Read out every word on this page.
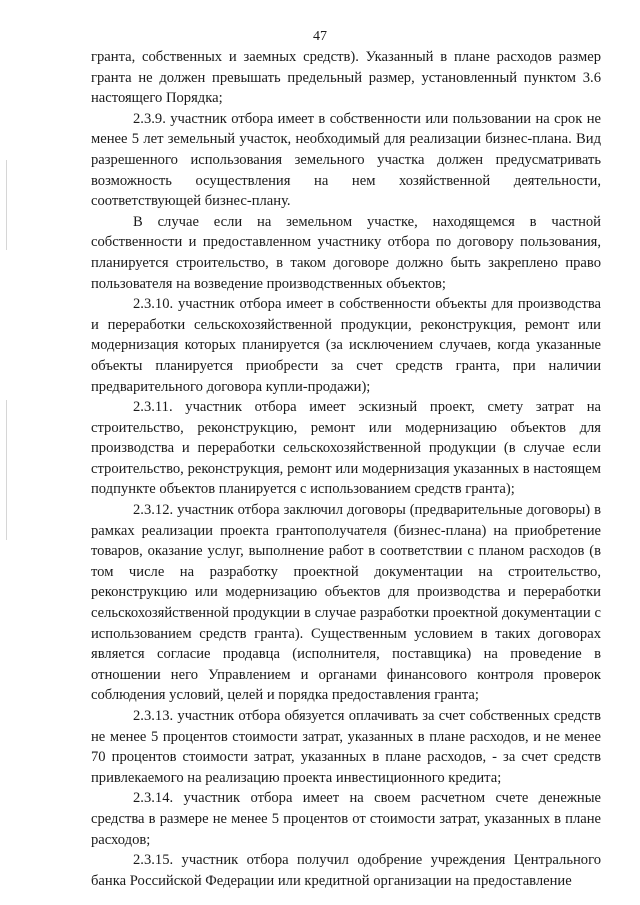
47

гранта, собственных и заемных средств). Указанный в плане расходов размер гранта не должен превышать предельный размер, установленный пунктом 3.6 настоящего Порядка;

2.3.9. участник отбора имеет в собственности или пользовании на срок не менее 5 лет земельный участок, необходимый для реализации бизнес-плана. Вид разрешенного использования земельного участка должен предусматривать возможность осуществления на нем хозяйственной деятельности, соответствующей бизнес-плану.

В случае если на земельном участке, находящемся в частной собственности и предоставленном участнику отбора по договору пользования, планируется строительство, в таком договоре должно быть закреплено право пользователя на возведение производственных объектов;

2.3.10. участник отбора имеет в собственности объекты для производства и переработки сельскохозяйственной продукции, реконструкция, ремонт или модернизация которых планируется (за исключением случаев, когда указанные объекты планируется приобрести за счет средств гранта, при наличии предварительного договора купли-продажи);

2.3.11. участник отбора имеет эскизный проект, смету затрат на строительство, реконструкцию, ремонт или модернизацию объектов для производства и переработки сельскохозяйственной продукции (в случае если строительство, реконструкция, ремонт или модернизация указанных в настоящем подпункте объектов планируется с использованием средств гранта);

2.3.12. участник отбора заключил договоры (предварительные договоры) в рамках реализации проекта грантополучателя (бизнес-плана) на приобретение товаров, оказание услуг, выполнение работ в соответствии с планом расходов (в том числе на разработку проектной документации на строительство, реконструкцию или модернизацию объектов для производства и переработки сельскохозяйственной продукции в случае разработки проектной документации с использованием средств гранта). Существенным условием в таких договорах является согласие продавца (исполнителя, поставщика) на проведение в отношении него Управлением и органами финансового контроля проверок соблюдения условий, целей и порядка предоставления гранта;

2.3.13. участник отбора обязуется оплачивать за счет собственных средств не менее 5 процентов стоимости затрат, указанных в плане расходов, и не менее 70 процентов стоимости затрат, указанных в плане расходов, - за счет средств привлекаемого на реализацию проекта инвестиционного кредита;

2.3.14. участник отбора имеет на своем расчетном счете денежные средства в размере не менее 5 процентов от стоимости затрат, указанных в плане расходов;

2.3.15. участник отбора получил одобрение учреждения Центрального банка Российской Федерации или кредитной организации на предоставление
